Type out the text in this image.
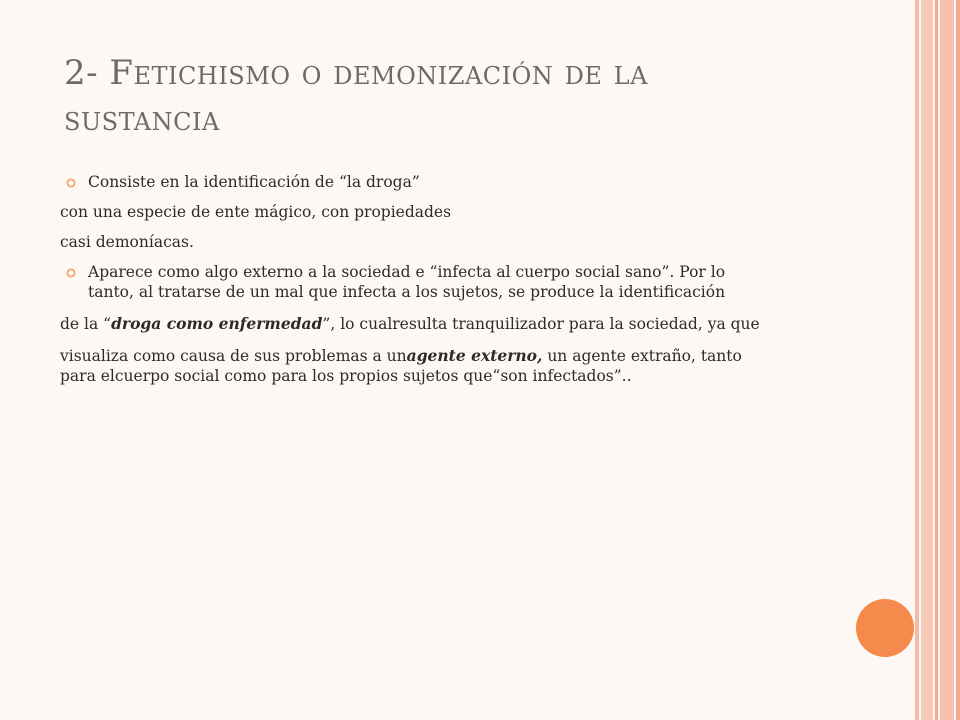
2- Fetichismo o demonización de la
sustancia

Consiste en la identificación de “la droga”

con una especie de ente mágico, con propiedades

casi demoníacas.

Aparece como algo externo a la sociedad e “infecta al cuerpo social sano”. Por lo

tanto, al tratarse de un mal que infecta a los sujetos, se produce la identificación

de la “droga como enfermedad”, lo cualresulta tranquilizador para la sociedad, ya que

visualiza como causa de sus problemas a unagente externo, un agente extraño, tanto

para elcuerpo social como para los propios sujetos que“son infectados”..
